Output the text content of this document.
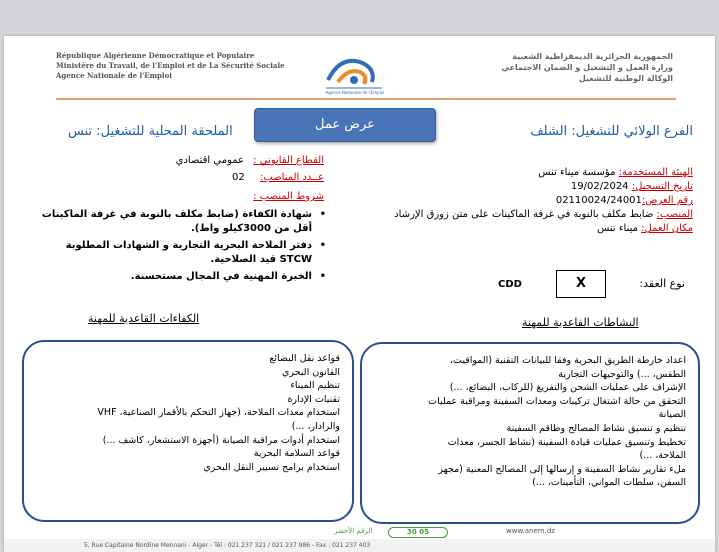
République Algérienne Démocratique et Populaire
Ministère du Travail, de l'Emploi et de La Sécurité Sociale
Agence Nationale de l'Emploi
Agence Nationale de l'Emploi
الجمهورية الجزائرية الديمقراطية الشعبية
وزارة العمل و التشغيل و الضمان الاجتماعي
الوكالة الوطنية للتشغيل
عرض عمل	الفرع الولائي للتشغيل: الشلف
الملحقة المحلية للتشغيل: تنس
الهيئة المستخدمة: مؤسسة ميناء تنس
تاريخ التسجيل: 19/02/2024
رقم العرض:02110024/24001
المنصب: ضابط مكلف بالنوبة في غرفة الماكينات على متن زورق الإرشاد
مكان العمل: ميناء تنس
القطاع القانوني : عمومي اقتصادي
عــدد المناصب: 02
شروط المنصب :
• شهادة الكفاءة (ضابط مكلف بالنوبة في غرفة الماكينات أقل من 3000كيلو واط).
• دفتر الملاحة البحرية التجارية و الشهادات المطلوبة STCW قيد الصلاحية.
• الخبرة المهنية في المجال مستحسنة.
نوع العقد:
X
CDD
النشاطات القاعدية للمهنة
الكفاءات القاعدية للمهنة
اعداد خارطة الطريق البحرية وفقا للبيانات التقنية (المواقيت،
الطقس، ...) والتوجيهات التجارية
الإشراف على عمليات الشحن والتفريغ (للركاب، البضائع، ...)
التحقق من حالة اشتغال تركيبات ومعدات السفينة ومراقبة عمليات
الصيانة
تنظيم و تنسيق نشاط المصالح وطاقم السفينة
تخطيط وتنسيق عمليات قيادة السفينة (نشاط الجسر، معدات
الملاحة، ...)
ملء تقارير نشاط السفينة و إرسالها إلى المصالح المعنية (مجهز
السفن، سلطات المواني، التأمينات، ...)
قواعد نقل البضائع
القانون البحري
تنظيم الميناء
تقنيات الإدارة
استخدام معدات الملاحة، (جهاز التحكم بالأقمار الصناعية، VHF
والرادار، ...)
استخدام أدوات مراقبة الصيانة (أجهزة الاستشعار، كاشف ...)
قواعد السلامة البحرية
استخدام برامج تسيير النقل البحري
الرقم الأخضر	30 05	www.anem.dz
5, Rue Capitaine Nordine Mennani - Alger - Tél : 021 237 321 / 021 237 986 - Fax : 021 237 403
